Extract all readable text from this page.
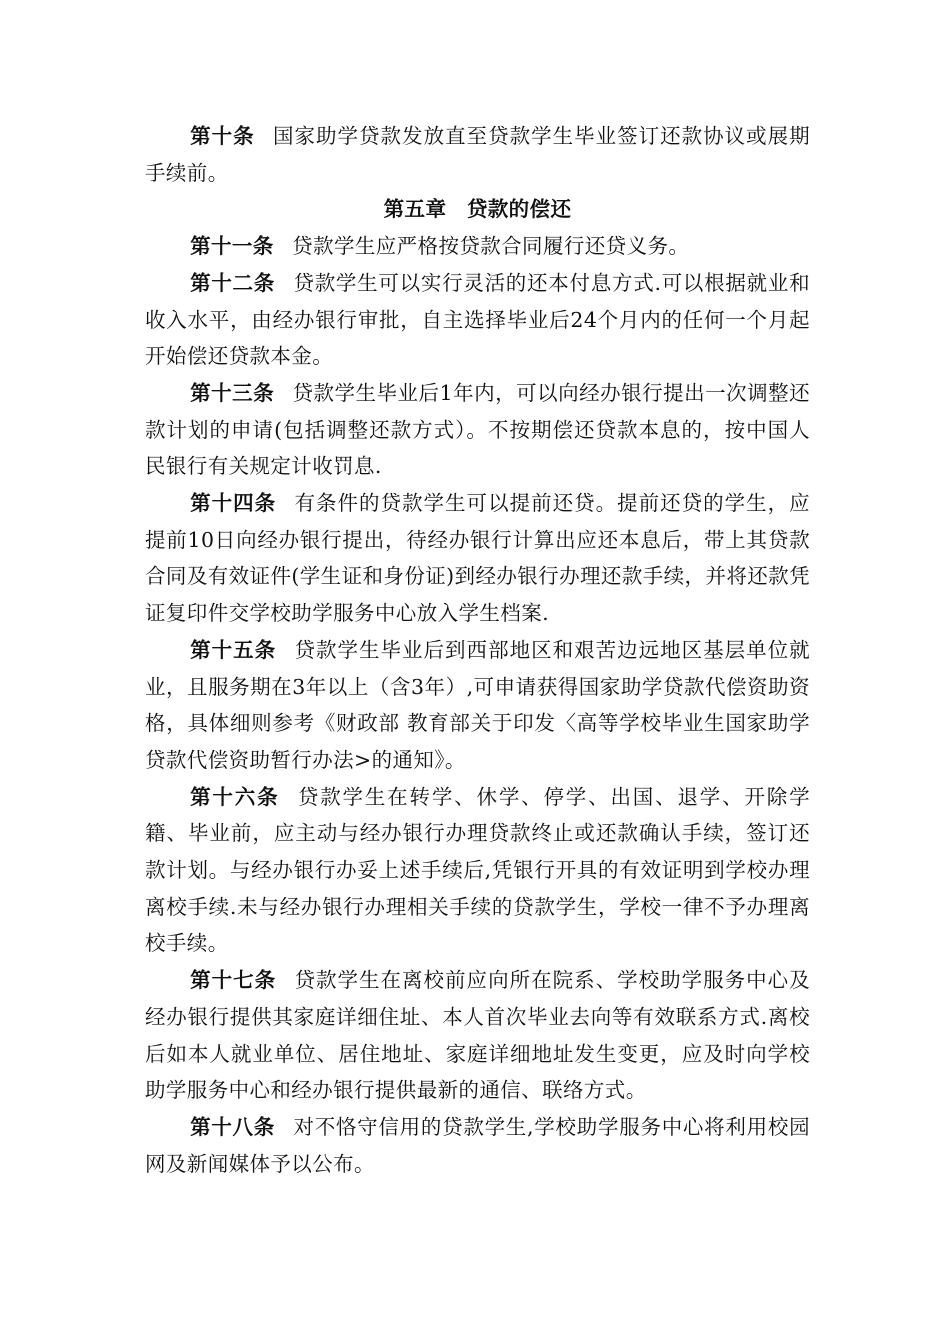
第十条 国家助学贷款发放直至贷款学生毕业签订还款协议或展期手续前。

第五章 贷款的偿还

第十一条 贷款学生应严格按贷款合同履行还贷义务。

第十二条 贷款学生可以实行灵活的还本付息方式.可以根据就业和收入水平，由经办银行审批，自主选择毕业后24个月内的任何一个月起开始偿还贷款本金。

第十三条 贷款学生毕业后1年内，可以向经办银行提出一次调整还款计划的申请(包括调整还款方式）。不按期偿还贷款本息的，按中国人民银行有关规定计收罚息.

第十四条 有条件的贷款学生可以提前还贷。提前还贷的学生，应提前10日向经办银行提出，待经办银行计算出应还本息后，带上其贷款合同及有效证件(学生证和身份证)到经办银行办理还款手续，并将还款凭证复印件交学校助学服务中心放入学生档案.

第十五条 贷款学生毕业后到西部地区和艰苦边远地区基层单位就业，且服务期在3年以上（含3年）,可申请获得国家助学贷款代偿资助资格，具体细则参考《财政部 教育部关于印发〈高等学校毕业生国家助学贷款代偿资助暂行办法>的通知》。

第十六条 贷款学生在转学、休学、停学、出国、退学、开除学籍、毕业前，应主动与经办银行办理贷款终止或还款确认手续，签订还款计划。与经办银行办妥上述手续后,凭银行开具的有效证明到学校办理离校手续.未与经办银行办理相关手续的贷款学生，学校一律不予办理离校手续。

第十七条 贷款学生在离校前应向所在院系、学校助学服务中心及经办银行提供其家庭详细住址、本人首次毕业去向等有效联系方式.离校后如本人就业单位、居住地址、家庭详细地址发生变更，应及时向学校助学服务中心和经办银行提供最新的通信、联络方式。

第十八条 对不恪守信用的贷款学生,学校助学服务中心将利用校园网及新闻媒体予以公布。
